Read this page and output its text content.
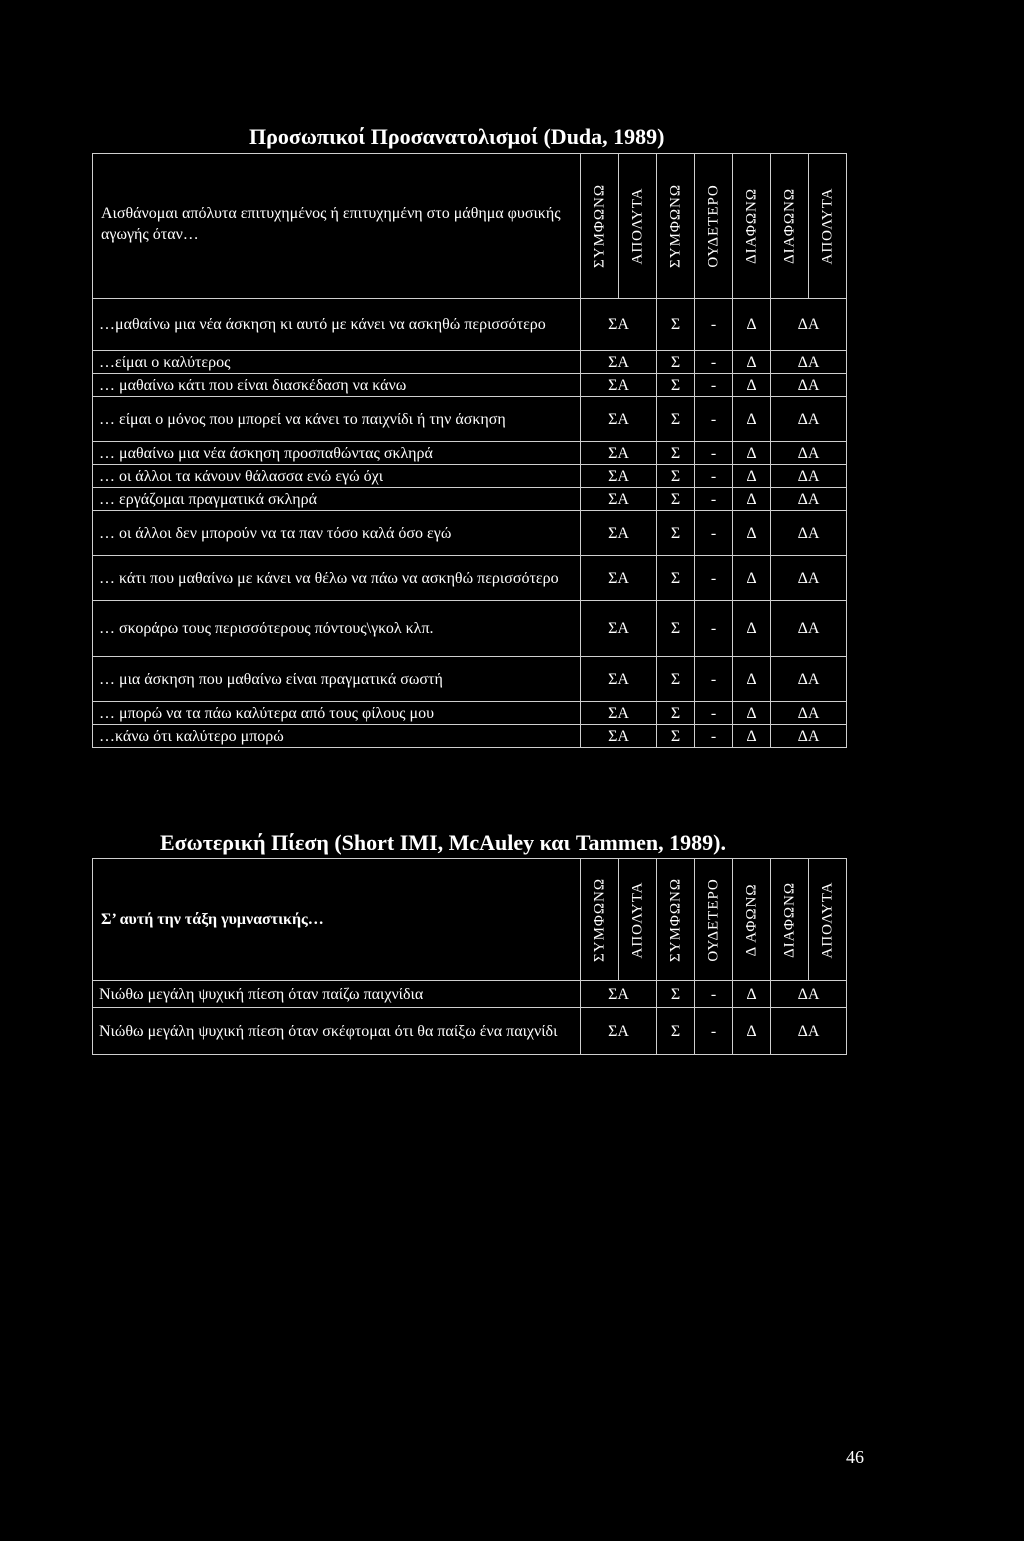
Προσωπικοί Προσανατολισμοί (Duda, 1989)
Αισθάνομαι απόλυτα επιτυχημένος ή επιτυχημένη στο μάθημα φυσικής αγωγής όταν…	ΣΥΜΦΩΝΩ	ΑΠΟΛΥΤΑ	ΣΥΜΦΩΝΩ	ΟΥΔΕΤΕΡΟ	ΔΙΑΦΩΝΩ	ΔΙΑΦΩΝΩ	ΑΠΟΛΥΤΑ

…μαθαίνω μια νέα άσκηση κι αυτό με κάνει να ασκηθώ περισσότερο	ΣΑ		Σ	-	Δ	ΔΑ	
…είμαι ο καλύτερος	ΣΑ		Σ	-	Δ	ΔΑ	
… μαθαίνω κάτι που είναι διασκέδαση να κάνω	ΣΑ		Σ	-	Δ	ΔΑ	
… είμαι ο μόνος που μπορεί να κάνει το παιχνίδι ή την άσκηση	ΣΑ		Σ	-	Δ	ΔΑ	
… μαθαίνω μια νέα άσκηση προσπαθώντας σκληρά	ΣΑ		Σ	-	Δ	ΔΑ	
… οι άλλοι τα κάνουν θάλασσα ενώ εγώ όχι	ΣΑ		Σ	-	Δ	ΔΑ	
… εργάζομαι πραγματικά σκληρά	ΣΑ		Σ	-	Δ	ΔΑ	
… οι άλλοι δεν μπορούν να τα παν τόσο καλά όσο εγώ	ΣΑ		Σ	-	Δ	ΔΑ	
… κάτι που μαθαίνω με κάνει να θέλω να πάω να ασκηθώ περισσότερο	ΣΑ		Σ	-	Δ	ΔΑ	
… σκοράρω τους περισσότερους πόντους\γκολ κλπ.	ΣΑ		Σ	-	Δ	ΔΑ	
… μια άσκηση που μαθαίνω είναι πραγματικά σωστή	ΣΑ		Σ	-	Δ	ΔΑ	
… μπορώ να τα πάω καλύτερα από τους φίλους μου	ΣΑ		Σ	-	Δ	ΔΑ	
…κάνω ότι καλύτερο μπορώ	ΣΑ		Σ	-	Δ	ΔΑ	
Εσωτερική Πίεση (Short IMI, McAuley και Tammen, 1989).
Σ’ αυτή την τάξη γυμναστικής…	ΣΥΜΦΩΝΩ	ΑΠΟΛΥΤΑ	ΣΥΜΦΩΝΩ	ΟΥΔΕΤΕΡΟ	Δ ΑΦΩΝΩ	ΔΙΑΦΩΝΩ	ΑΠΟΛΥΤΑ

Νιώθω μεγάλη ψυχική πίεση όταν παίζω παιχνίδια	ΣΑ		Σ	-	Δ	ΔΑ	
Νιώθω μεγάλη ψυχική πίεση όταν σκέφτομαι ότι θα παίξω ένα παιχνίδι	ΣΑ		Σ	-	Δ	ΔΑ	
46
